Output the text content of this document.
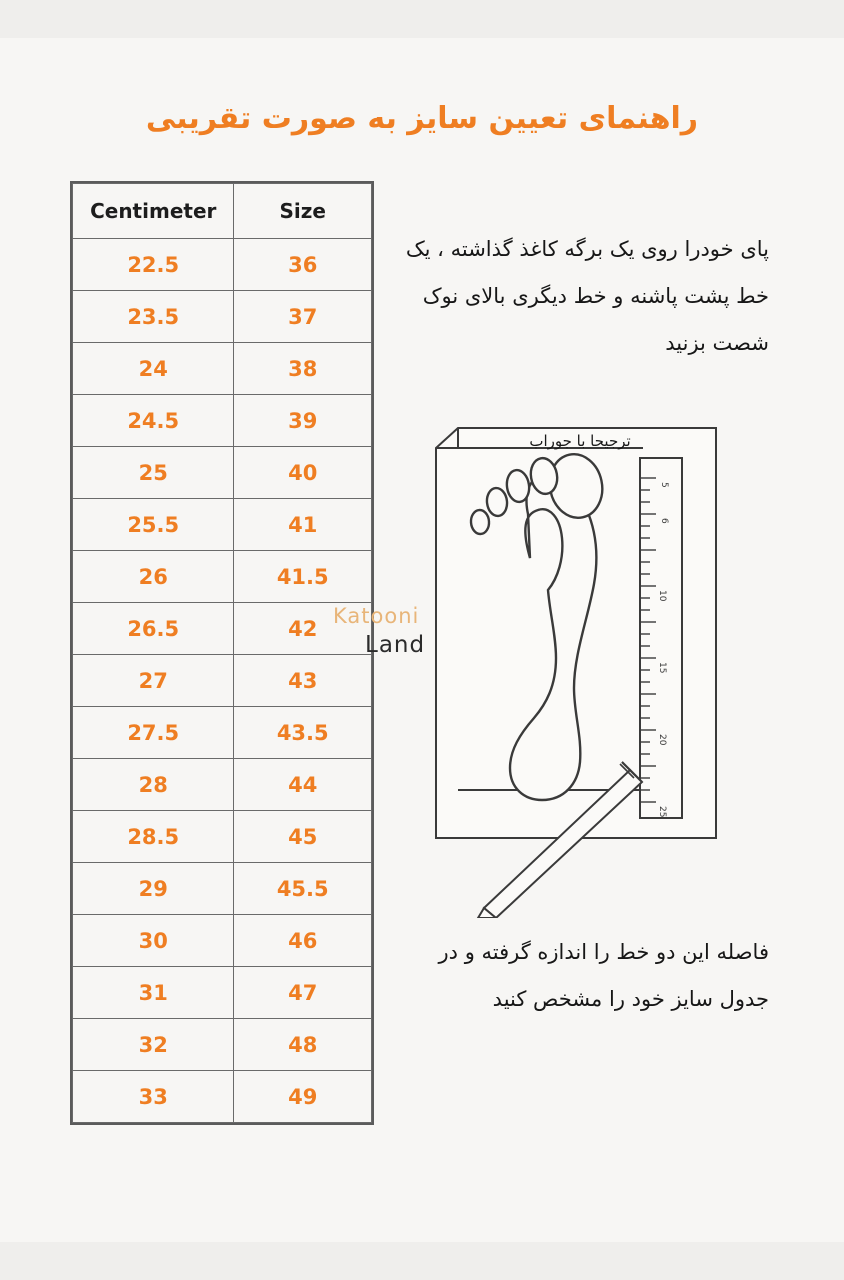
راهنمای تعیین سایز به صورت تقریبی
Centimeter	Size
22.5	36
23.5	37
24	38
24.5	39
25	40
25.5	41
26	41.5
26.5	42
27	43
27.5	43.5
28	44
28.5	45
29	45.5
30	46
31	47
32	48
33	49
پای خودرا روی یک برگه کاغذ گذاشته ، یک خط پشت پاشنه و خط دیگری بالای نوک شصت بزنید
فاصله این دو خط را اندازه گرفته و در جدول سایز خود را مشخص کنید
5
6
10
15
20
25
ترجیحا با جوراب
Katooni
Land
